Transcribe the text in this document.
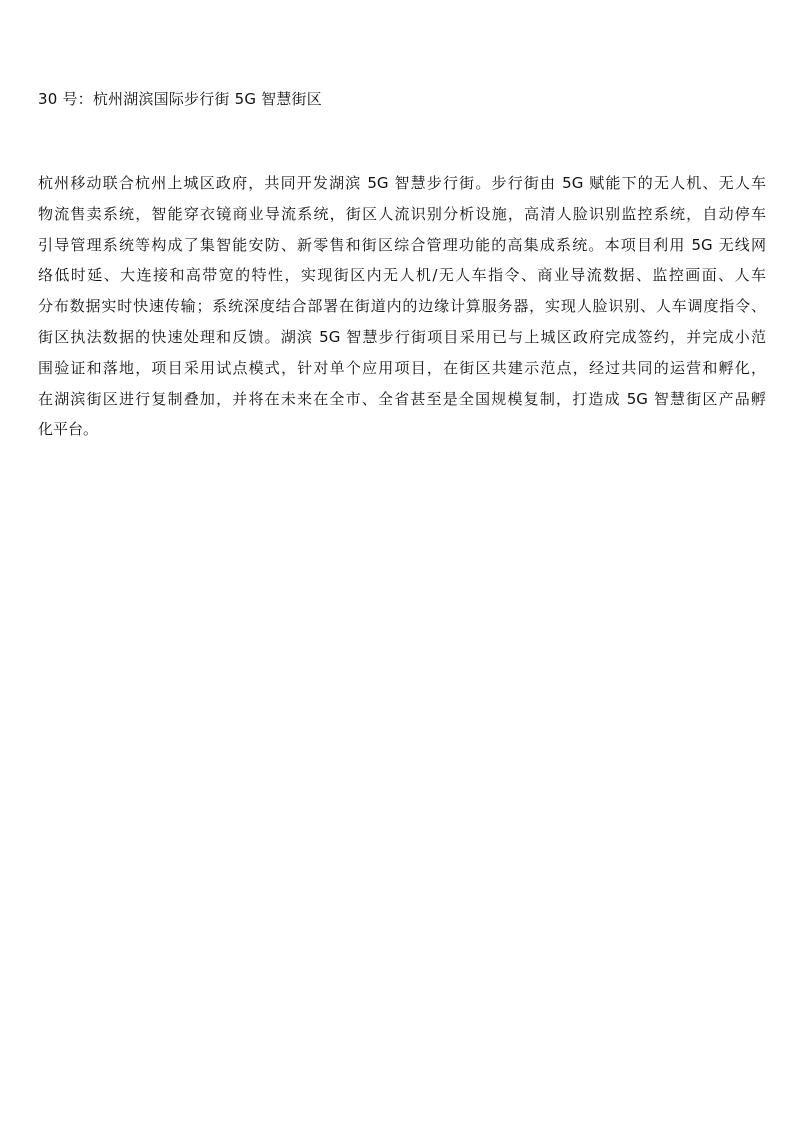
30 号：杭州湖滨国际步行街 5G 智慧街区
杭州移动联合杭州上城区政府，共同开发湖滨 5G 智慧步行街。步行街由 5G 赋能下的无人机、无人车
物流售卖系统，智能穿衣镜商业导流系统，街区人流识别分析设施，高清人脸识别监控系统，自动停车
引导管理系统等构成了集智能安防、新零售和街区综合管理功能的高集成系统。本项目利用 5G 无线网
络低时延、大连接和高带宽的特性，实现街区内无人机/无人车指令、商业导流数据、监控画面、人车
分布数据实时快速传输；系统深度结合部署在街道内的边缘计算服务器，实现人脸识别、人车调度指令、
街区执法数据的快速处理和反馈。湖滨 5G 智慧步行街项目采用已与上城区政府完成签约，并完成小范
围验证和落地，项目采用试点模式，针对单个应用项目，在街区共建示范点，经过共同的运营和孵化，
在湖滨街区进行复制叠加，并将在未来在全市、全省甚至是全国规模复制，打造成 5G 智慧街区产品孵
化平台。
